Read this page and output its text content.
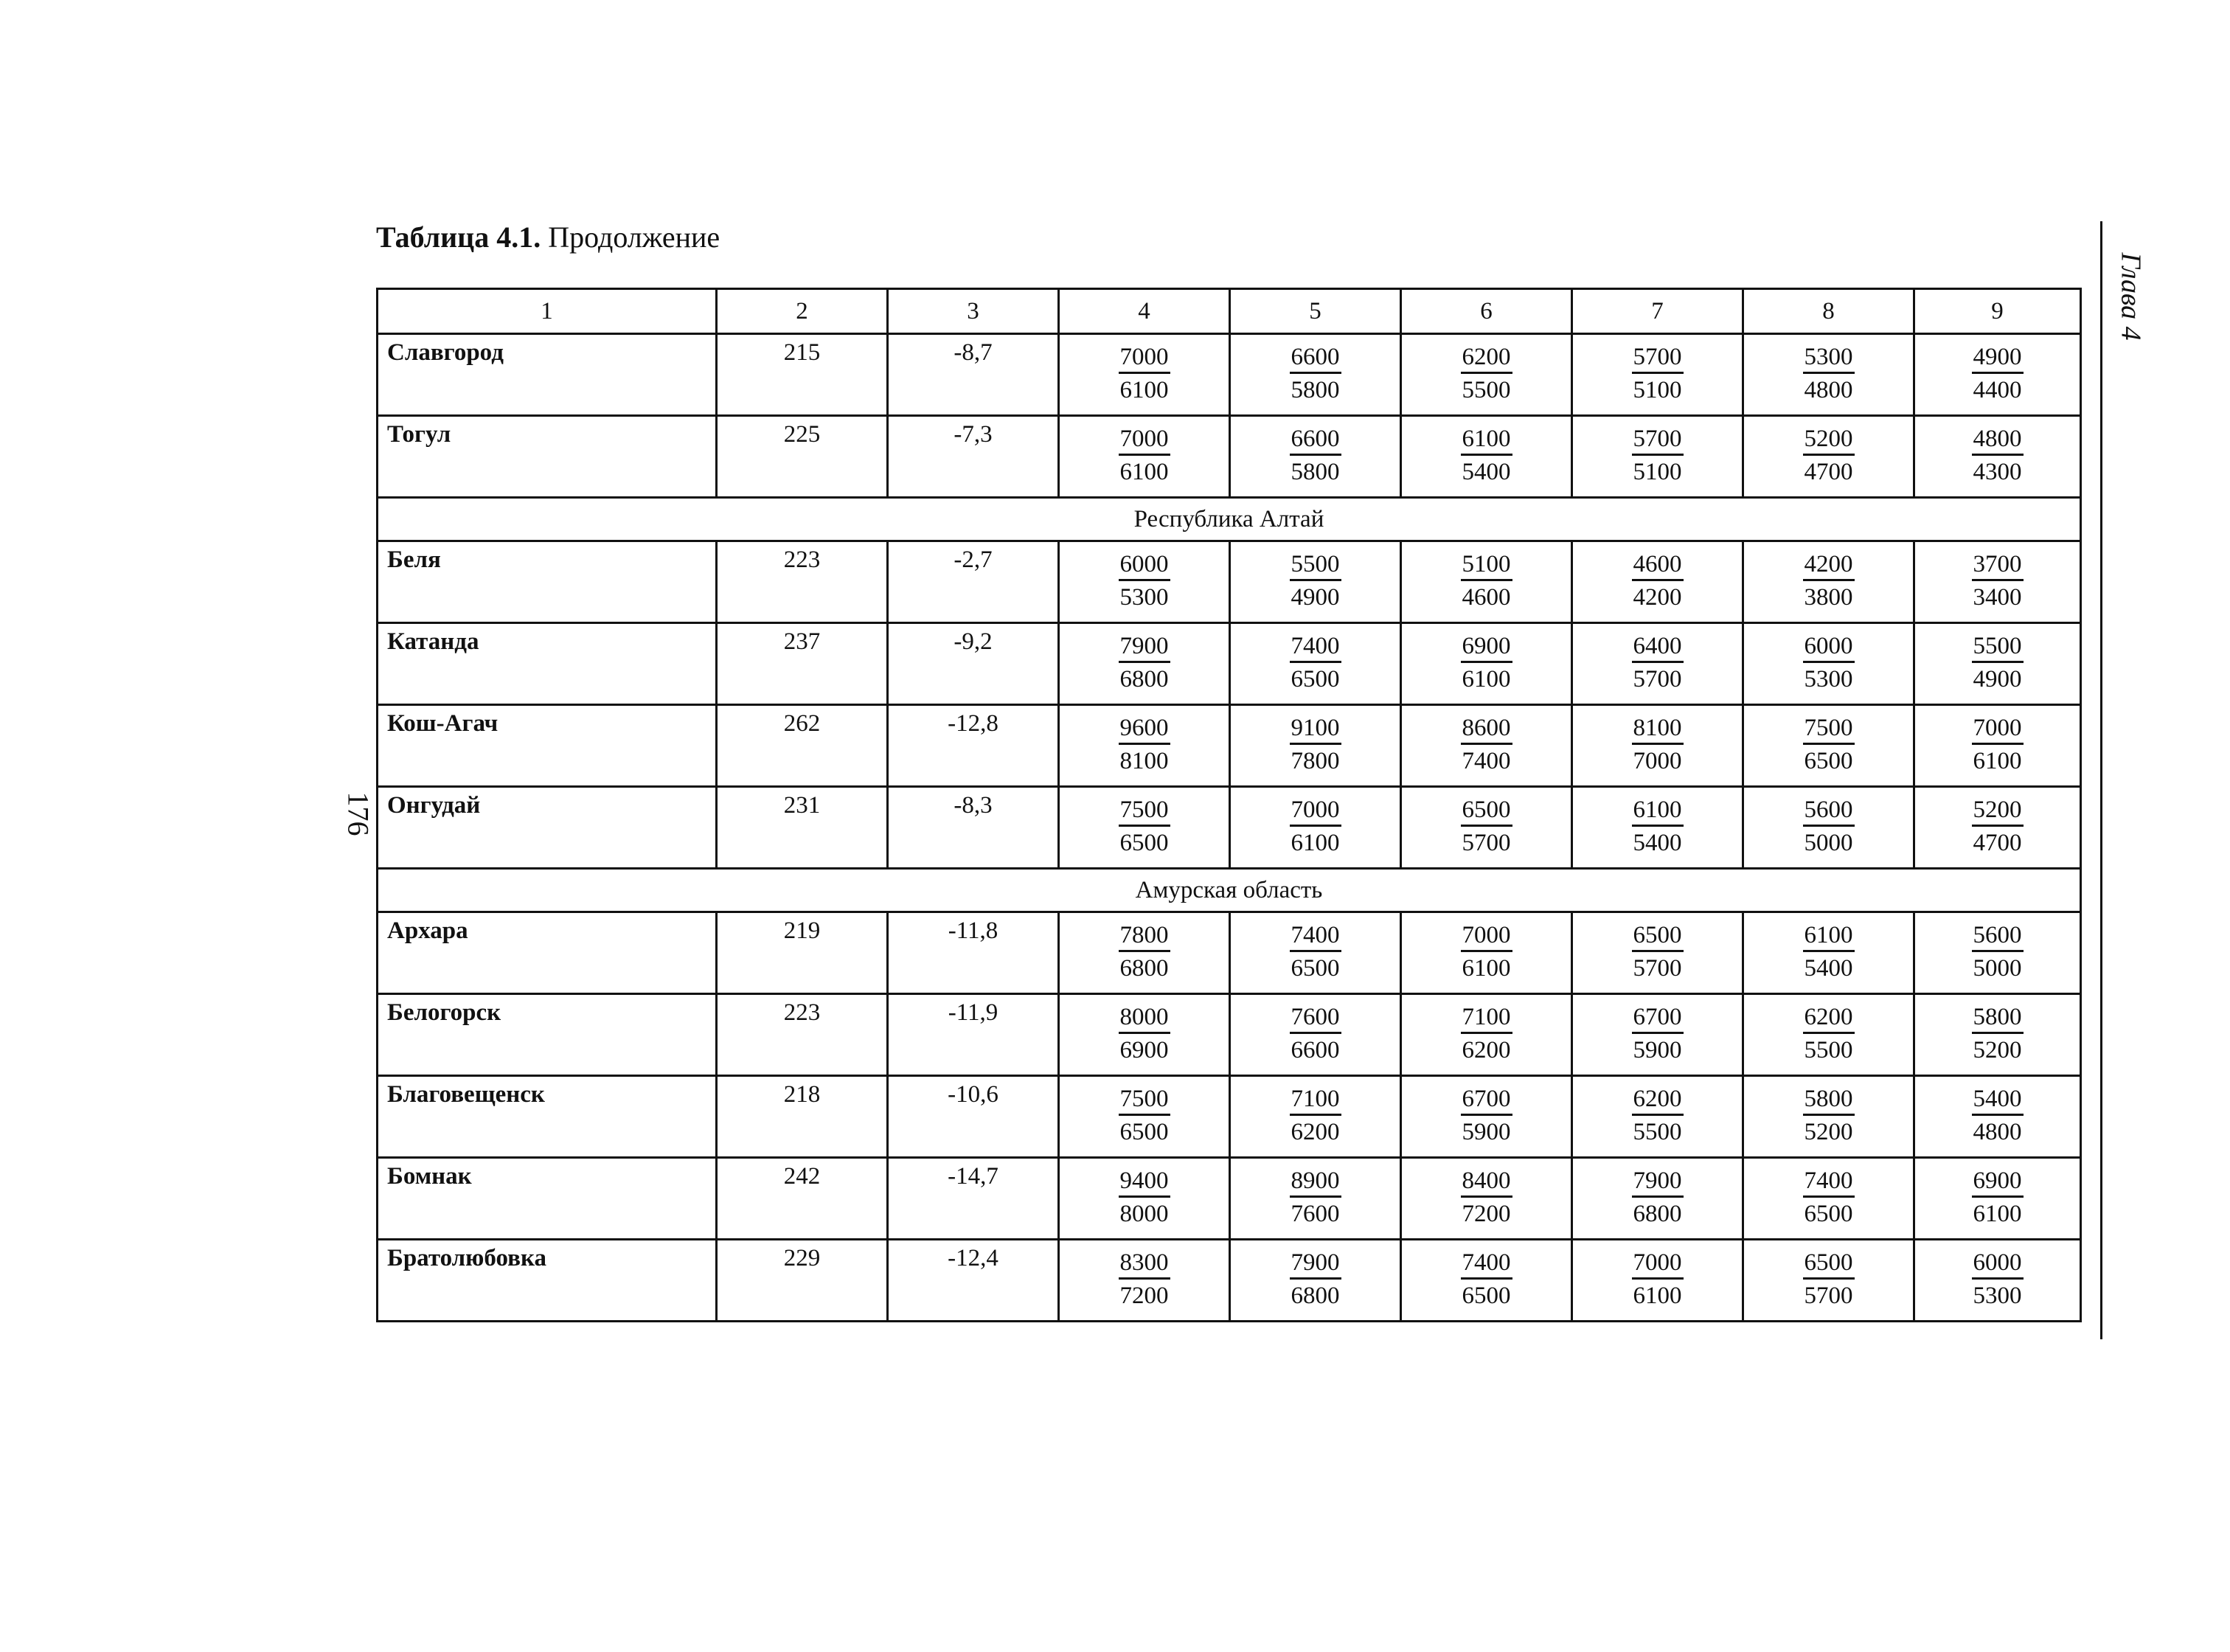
Таблица 4.1. Продолжение
176
Глава 4
1	2	3	4	5	6	7	8	9
Славгород	215	-8,7	$\frac{7000}{6100}$	$\frac{6600}{5800}$	$\frac{6200}{5500}$	$\frac{5700}{5100}$	$\frac{5300}{4800}$	$\frac{4900}{4400}$

Тогул	225	-7,3	$\frac{7000}{6100}$	$\frac{6600}{5800}$	$\frac{6100}{5400}$	$\frac{5700}{5100}$	$\frac{5200}{4700}$	$\frac{4800}{4300}$

Республика Алтай								
Беля	223	-2,7	$\frac{6000}{5300}$	$\frac{5500}{4900}$	$\frac{5100}{4600}$	$\frac{4600}{4200}$	$\frac{4200}{3800}$	$\frac{3700}{3400}$

Катанда	237	-9,2	$\frac{7900}{6800}$	$\frac{7400}{6500}$	$\frac{6900}{6100}$	$\frac{6400}{5700}$	$\frac{6000}{5300}$	$\frac{5500}{4900}$

Кош-Агач	262	-12,8	$\frac{9600}{8100}$	$\frac{9100}{7800}$	$\frac{8600}{7400}$	$\frac{8100}{7000}$	$\frac{7500}{6500}$	$\frac{7000}{6100}$

Онгудай	231	-8,3	$\frac{7500}{6500}$	$\frac{7000}{6100}$	$\frac{6500}{5700}$	$\frac{6100}{5400}$	$\frac{5600}{5000}$	$\frac{5200}{4700}$

Амурская область								
Архара	219	-11,8	$\frac{7800}{6800}$	$\frac{7400}{6500}$	$\frac{7000}{6100}$	$\frac{6500}{5700}$	$\frac{6100}{5400}$	$\frac{5600}{5000}$

Белогорск	223	-11,9	$\frac{8000}{6900}$	$\frac{7600}{6600}$	$\frac{7100}{6200}$	$\frac{6700}{5900}$	$\frac{6200}{5500}$	$\frac{5800}{5200}$

Благовещенск	218	-10,6	$\frac{7500}{6500}$	$\frac{7100}{6200}$	$\frac{6700}{5900}$	$\frac{6200}{5500}$	$\frac{5800}{5200}$	$\frac{5400}{4800}$

Бомнак	242	-14,7	$\frac{9400}{8000}$	$\frac{8900}{7600}$	$\frac{8400}{7200}$	$\frac{7900}{6800}$	$\frac{7400}{6500}$	$\frac{6900}{6100}$

Братолюбовка	229	-12,4	$\frac{8300}{7200}$	$\frac{7900}{6800}$	$\frac{7400}{6500}$	$\frac{7000}{6100}$	$\frac{6500}{5700}$	$\frac{6000}{5300}$
